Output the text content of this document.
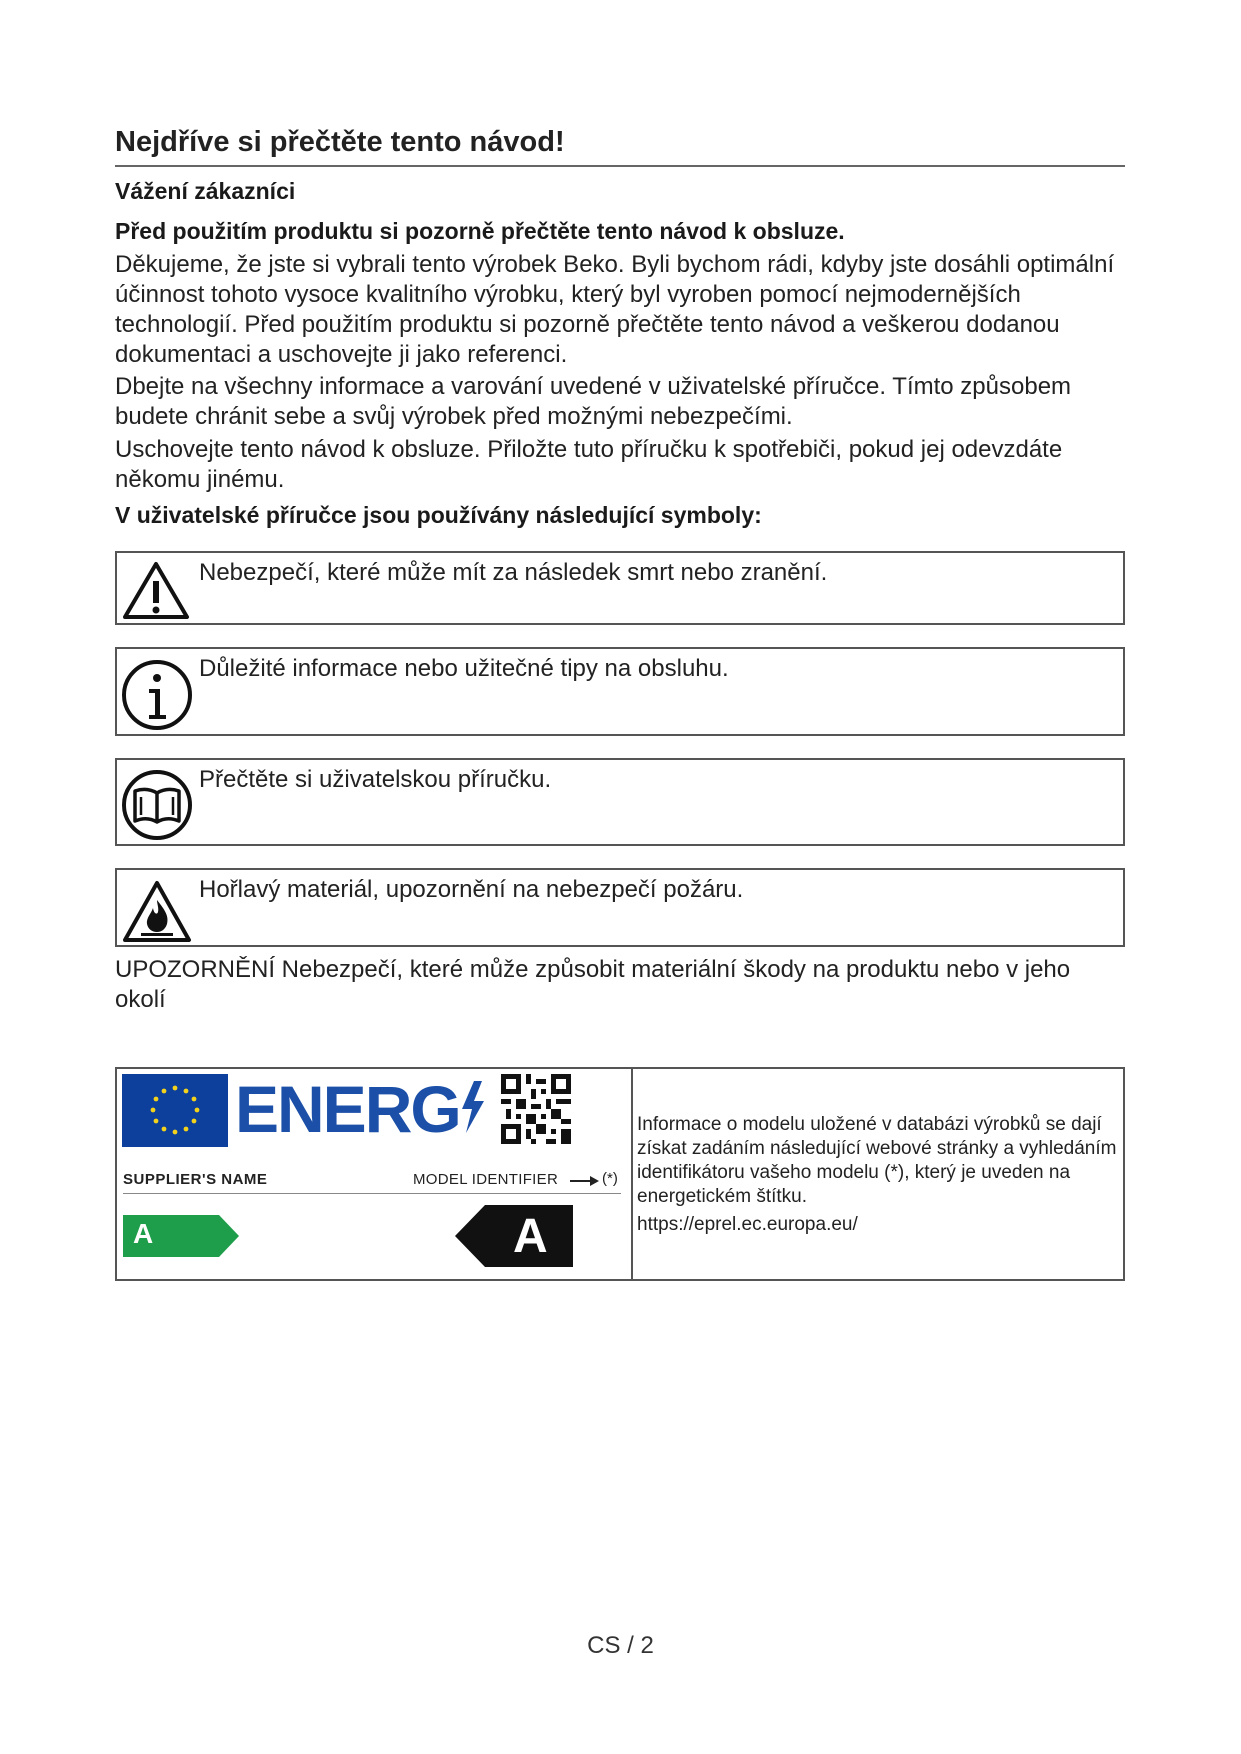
Nejdříve si přečtěte tento návod!
Vážení zákazníci
Před použitím produktu si pozorně přečtěte tento návod k obsluze.
Děkujeme, že jste si vybrali tento výrobek Beko. Byli bychom rádi, kdyby jste dosáhli optimální účinnost tohoto vysoce kvalitního výrobku, který byl vyroben pomocí nejmodernějších technologií. Před použitím produktu si pozorně přečtěte tento návod a veškerou dodanou dokumentaci a uschovejte ji jako referenci.
Dbejte na všechny informace a varování uvedené v uživatelské příručce. Tímto způsobem budete chránit sebe a svůj výrobek před možnými nebezpečími.
Uschovejte tento návod k obsluze. Přiložte tuto příručku k spotřebiči, pokud jej odevzdáte někomu jinému.
V uživatelské příručce jsou používány následující symboly:
Nebezpečí, které může mít za následek smrt nebo zranění.
Důležité informace nebo užitečné tipy na obsluhu.
Přečtěte si uživatelskou příručku.
Hořlavý materiál, upozornění na nebezpečí požáru.
UPOZORNĚNÍ Nebezpečí, které může způsobit materiální škody na produktu nebo v jeho okolí
ENERG
SUPPLIER'S NAME	MODEL IDENTIFIER	(*)
A	A
Informace o modelu uložené v databázi výrobků se dají získat zadáním následující webové stránky a vyhledáním identifikátoru vašeho modelu (*), který je uveden na energetickém štítku.
https://eprel.ec.europa.eu/
CS / 2
